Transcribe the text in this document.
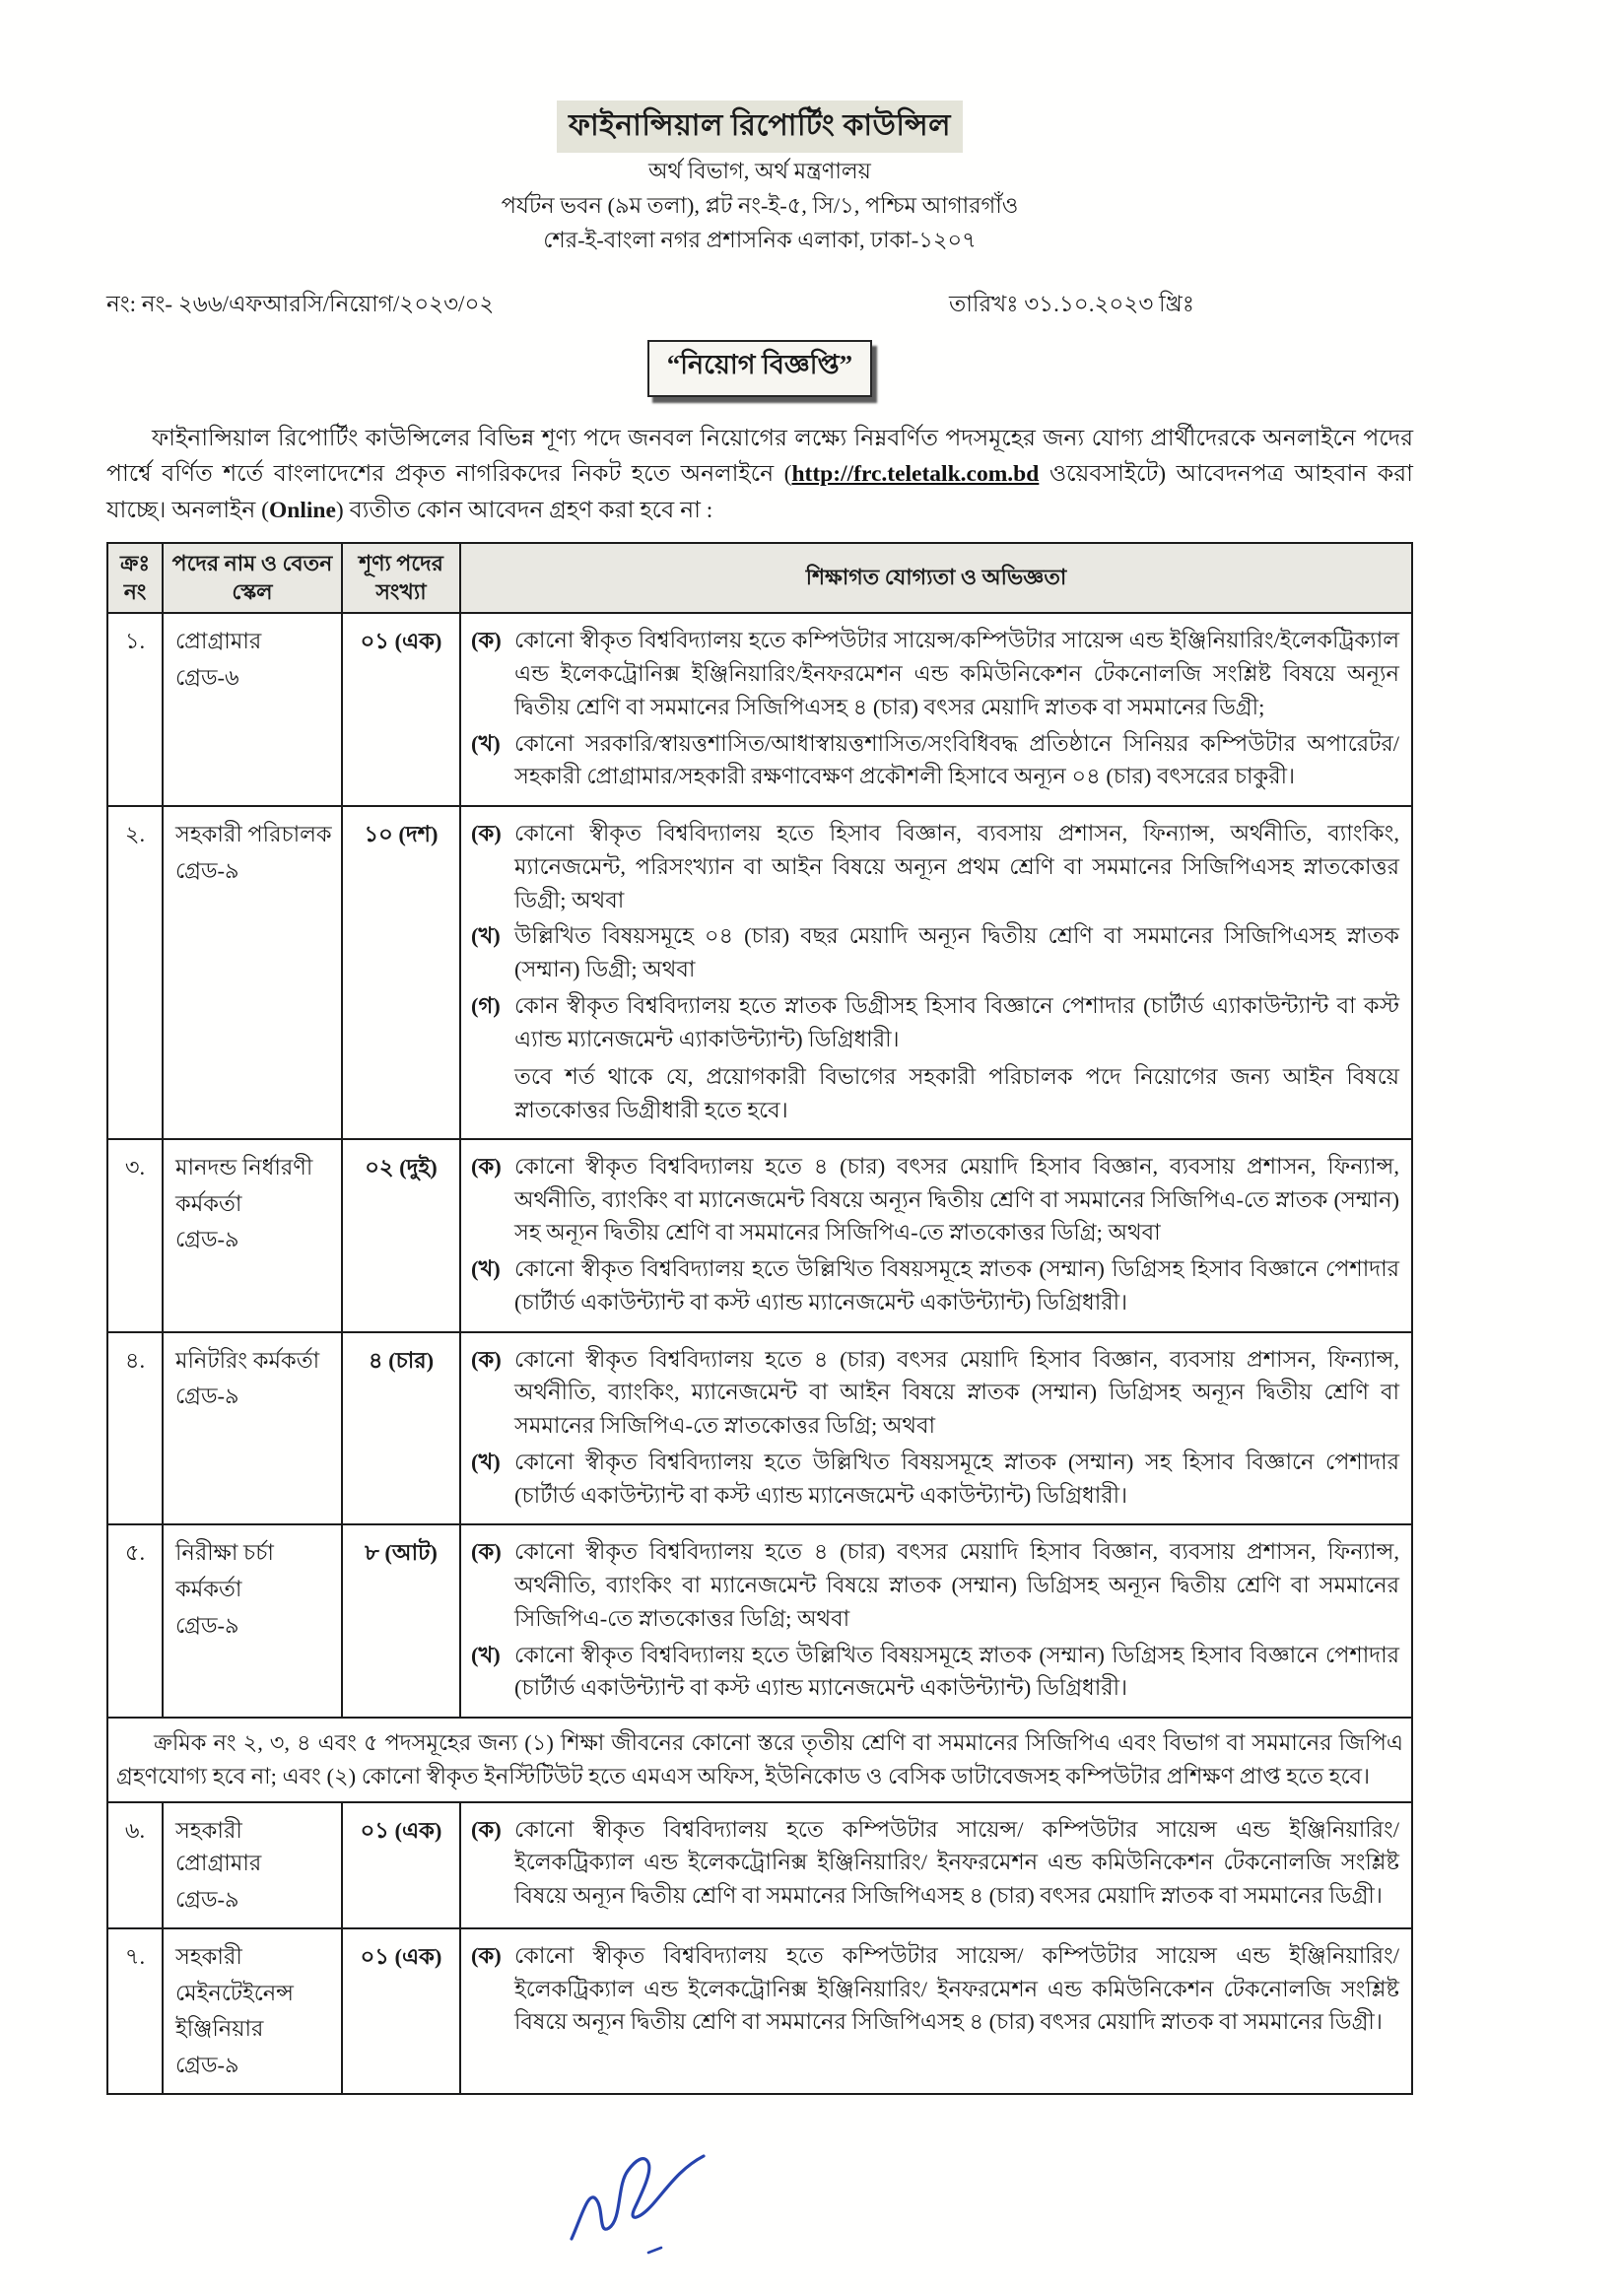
ফাইনান্সিয়াল রিপোর্টিং কাউন্সিল
অর্থ বিভাগ, অর্থ মন্ত্রণালয়
পর্যটন ভবন (৯ম তলা), প্লট নং-ই-৫, সি/১, পশ্চিম আগারগাঁও
শের-ই-বাংলা নগর প্রশাসনিক এলাকা, ঢাকা-১২০৭
নং: নং- ২৬৬/এফআরসি/নিয়োগ/২০২৩/০২	তারিখঃ ৩১.১০.২০২৩ খ্রিঃ
“নিয়োগ বিজ্ঞপ্তি”

ফাইনান্সিয়াল রিপোর্টিং কাউন্সিলের বিভিন্ন শূণ্য পদে জনবল নিয়োগের লক্ষ্যে নিম্নবর্ণিত পদসমূহের জন্য যোগ্য প্রার্থীদেরকে অনলাইনে পদের পার্শ্বে বর্ণিত শর্তে বাংলাদেশের প্রকৃত নাগরিকদের নিকট হতে অনলাইনে (http://frc.teletalk.com.bd ওয়েবসাইটে) আবেদনপত্র আহবান করা যাচ্ছে। অনলাইন (Online) ব্যতীত কোন আবেদন গ্রহণ করা হবে না :

ক্রঃ নং	পদের নাম ও বেতন স্কেল	শূণ্য পদের সংখ্যা	শিক্ষাগত যোগ্যতা ও অভিজ্ঞতা
১.	প্রোগ্রামার
গ্রেড-৬
	০১ (এক)	(ক) কোনো স্বীকৃত বিশ্ববিদ্যালয় হতে কম্পিউটার সায়েন্স/কম্পিউটার সায়েন্স এন্ড ইঞ্জিনিয়ারিং/ইলেকট্রিক্যাল এন্ড ইলেকট্রোনিক্স ইঞ্জিনিয়ারিং/ইনফরমেশন এন্ড কমিউনিকেশন টেকনোলজি সংশ্লিষ্ট বিষয়ে অন্যূন দ্বিতীয় শ্রেণি বা সমমানের সিজিপিএসহ ৪ (চার) বৎসর মেয়াদি স্নাতক বা সমমানের ডিগ্রী;
(খ) কোনো সরকারি/স্বায়ত্তশাসিত/আধাস্বায়ত্তশাসিত/সংবিধিবদ্ধ প্রতিষ্ঠানে সিনিয়র কম্পিউটার অপারেটর/সহকারী প্রোগ্রামার/সহকারী রক্ষণাবেক্ষণ প্রকৌশলী হিসাবে অন্যূন ০৪ (চার) বৎসরের চাকুরী।

২.	সহকারী পরিচালক
গ্রেড-৯
	১০ (দশ)	(ক) কোনো স্বীকৃত বিশ্ববিদ্যালয় হতে হিসাব বিজ্ঞান, ব্যবসায় প্রশাসন, ফিন্যান্স, অর্থনীতি, ব্যাংকিং, ম্যানেজমেন্ট, পরিসংখ্যান বা আইন বিষয়ে অন্যূন প্রথম শ্রেণি বা সমমানের সিজিপিএসহ স্নাতকোত্তর ডিগ্রী; অথবা
(খ) উল্লিখিত বিষয়সমূহে ০৪ (চার) বছর মেয়াদি অন্যূন দ্বিতীয় শ্রেণি বা সমমানের সিজিপিএসহ স্নাতক (সম্মান) ডিগ্রী; অথবা
(গ) কোন স্বীকৃত বিশ্ববিদ্যালয় হতে স্নাতক ডিগ্রীসহ হিসাব বিজ্ঞানে পেশাদার (চার্টার্ড এ্যাকাউন্ট্যান্ট বা কস্ট এ্যান্ড ম্যানেজমেন্ট এ্যাকাউন্ট্যান্ট) ডিগ্রিধারী।
তবে শর্ত থাকে যে, প্রয়োগকারী বিভাগের সহকারী পরিচালক পদে নিয়োগের জন্য আইন বিষয়ে স্নাতকোত্তর ডিগ্রীধারী হতে হবে।

৩.	মানদন্ড নির্ধারণী
কর্মকর্তা
গ্রেড-৯
	০২ (দুই)	(ক) কোনো স্বীকৃত বিশ্ববিদ্যালয় হতে ৪ (চার) বৎসর মেয়াদি হিসাব বিজ্ঞান, ব্যবসায় প্রশাসন, ফিন্যান্স, অর্থনীতি, ব্যাংকিং বা ম্যানেজমেন্ট বিষয়ে অন্যূন দ্বিতীয় শ্রেণি বা সমমানের সিজিপিএ-তে স্নাতক (সম্মান) সহ অন্যূন দ্বিতীয় শ্রেণি বা সমমানের সিজিপিএ-তে স্নাতকোত্তর ডিগ্রি; অথবা
(খ) কোনো স্বীকৃত বিশ্ববিদ্যালয় হতে উল্লিখিত বিষয়সমূহে স্নাতক (সম্মান) ডিগ্রিসহ হিসাব বিজ্ঞানে পেশাদার (চার্টার্ড একাউন্ট্যান্ট বা কস্ট এ্যান্ড ম্যানেজমেন্ট একাউন্ট্যান্ট) ডিগ্রিধারী।

৪.	মনিটরিং কর্মকর্তা
গ্রেড-৯
	৪ (চার)	(ক) কোনো স্বীকৃত বিশ্ববিদ্যালয় হতে ৪ (চার) বৎসর মেয়াদি হিসাব বিজ্ঞান, ব্যবসায় প্রশাসন, ফিন্যান্স, অর্থনীতি, ব্যাংকিং, ম্যানেজমেন্ট বা আইন বিষয়ে স্নাতক (সম্মান) ডিগ্রিসহ অন্যূন দ্বিতীয় শ্রেণি বা সমমানের সিজিপিএ-তে স্নাতকোত্তর ডিগ্রি; অথবা
(খ) কোনো স্বীকৃত বিশ্ববিদ্যালয় হতে উল্লিখিত বিষয়সমূহে স্নাতক (সম্মান) সহ হিসাব বিজ্ঞানে পেশাদার (চার্টার্ড একাউন্ট্যান্ট বা কস্ট এ্যান্ড ম্যানেজমেন্ট একাউন্ট্যান্ট) ডিগ্রিধারী।

৫.	নিরীক্ষা চর্চা
কর্মকর্তা
গ্রেড-৯
	৮ (আট)	(ক) কোনো স্বীকৃত বিশ্ববিদ্যালয় হতে ৪ (চার) বৎসর মেয়াদি হিসাব বিজ্ঞান, ব্যবসায় প্রশাসন, ফিন্যান্স, অর্থনীতি, ব্যাংকিং বা ম্যানেজমেন্ট বিষয়ে স্নাতক (সম্মান) ডিগ্রিসহ অন্যূন দ্বিতীয় শ্রেণি বা সমমানের সিজিপিএ-তে স্নাতকোত্তর ডিগ্রি; অথবা
(খ) কোনো স্বীকৃত বিশ্ববিদ্যালয় হতে উল্লিখিত বিষয়সমূহে স্নাতক (সম্মান) ডিগ্রিসহ হিসাব বিজ্ঞানে পেশাদার (চার্টার্ড একাউন্ট্যান্ট বা কস্ট এ্যান্ড ম্যানেজমেন্ট একাউন্ট্যান্ট) ডিগ্রিধারী।

ক্রমিক নং ২, ৩, ৪ এবং ৫ পদসমূহের জন্য (১) শিক্ষা জীবনের কোনো স্তরে তৃতীয় শ্রেণি বা সমমানের সিজিপিএ এবং বিভাগ বা সমমানের জিপিএ গ্রহণযোগ্য হবে না; এবং (২) কোনো স্বীকৃত ইনস্টিটিউট হতে এমএস অফিস, ইউনিকোড ও বেসিক ডাটাবেজসহ কম্পিউটার প্রশিক্ষণ প্রাপ্ত হতে হবে।			
৬.	সহকারী প্রোগ্রামার
গ্রেড-৯
	০১ (এক)	(ক) কোনো স্বীকৃত বিশ্ববিদ্যালয় হতে কম্পিউটার সায়েন্স/ কম্পিউটার সায়েন্স এন্ড ইঞ্জিনিয়ারিং/ ইলেকট্রিক্যাল এন্ড ইলেকট্রোনিক্স ইঞ্জিনিয়ারিং/ ইনফরমেশন এন্ড কমিউনিকেশন টেকনোলজি সংশ্লিষ্ট বিষয়ে অন্যূন দ্বিতীয় শ্রেণি বা সমমানের সিজিপিএসহ ৪ (চার) বৎসর মেয়াদি স্নাতক বা সমমানের ডিগ্রী।

৭.	সহকারী
মেইনটেইনেন্স
ইঞ্জিনিয়ার
গ্রেড-৯
	০১ (এক)	(ক) কোনো স্বীকৃত বিশ্ববিদ্যালয় হতে কম্পিউটার সায়েন্স/ কম্পিউটার সায়েন্স এন্ড ইঞ্জিনিয়ারিং/ ইলেকট্রিক্যাল এন্ড ইলেকট্রোনিক্স ইঞ্জিনিয়ারিং/ ইনফরমেশন এন্ড কমিউনিকেশন টেকনোলজি সংশ্লিষ্ট বিষয়ে অন্যূন দ্বিতীয় শ্রেণি বা সমমানের সিজিপিএসহ ৪ (চার) বৎসর মেয়াদি স্নাতক বা সমমানের ডিগ্রী।
